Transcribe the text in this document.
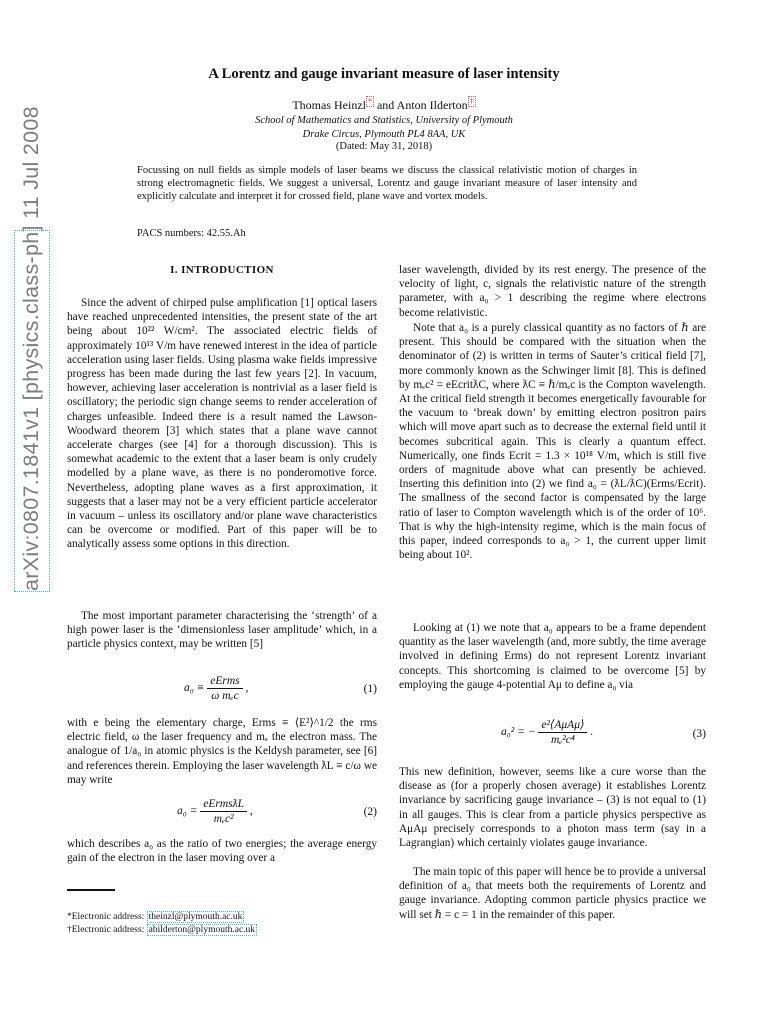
arXiv:0807.1841v1 [physics.class-ph] 11 Jul 2008
A Lorentz and gauge invariant measure of laser intensity
Thomas Heinzl * and Anton Ilderton †
School of Mathematics and Statistics, University of Plymouth
Drake Circus, Plymouth PL4 8AA, UK
(Dated: May 31, 2018)
Focussing on null fields as simple models of laser beams we discuss the classical relativistic motion of charges in strong electromagnetic fields. We suggest a universal, Lorentz and gauge invariant measure of laser intensity and explicitly calculate and interpret it for crossed field, plane wave and vortex models.
PACS numbers: 42.55.Ah
I. INTRODUCTION

Since the advent of chirped pulse amplification [1] optical lasers have reached unprecedented intensities, the present state of the art being about 10²² W/cm². The associated electric fields of approximately 10¹³ V/m have renewed interest in the idea of particle acceleration using laser fields. Using plasma wake fields impressive progress has been made during the last few years [2]. In vacuum, however, achieving laser acceleration is nontrivial as a laser field is oscillatory; the periodic sign change seems to render acceleration of charges unfeasible. Indeed there is a result named the Lawson-Woodward theorem [3] which states that a plane wave cannot accelerate charges (see [4] for a thorough discussion). This is somewhat academic to the extent that a laser beam is only crudely modelled by a plane wave, as there is no ponderomotive force. Nevertheless, adopting plane waves as a first approximation, it suggests that a laser may not be a very efficient particle accelerator in vacuum – unless its oscillatory and/or plane wave characteristics can be overcome or modified. Part of this paper will be to analytically assess some options in this direction.

The most important parameter characterising the ‘strength’ of a high power laser is the ‘dimensionless laser amplitude’ which, in a particle physics context, may be written [5]

$a_0 \equiv \frac{\text{eErms}}{\text{ω mₑc}}$ ,	(1)

with e being the elementary charge, Erms ≡ ⟨E²⟩^1/2 the rms electric field, ω the laser frequency and mₑ the electron mass. The analogue of 1/a₀ in atomic physics is the Keldysh parameter, see [6] and references therein. Employing the laser wavelength ƛL ≡ c/ω we may write

$a_0 = \frac{\text{eErmsƛL}}{\text{mₑc²}}$ ,	(2)

which describes a₀ as the ratio of two energies; the average energy gain of the electron in the laser moving over a

*Electronic address: theinzl@plymouth.ac.uk
†Electronic address: abilderton@plymouth.ac.uk

laser wavelength, divided by its rest energy. The presence of the velocity of light, c, signals the relativistic nature of the strength parameter, with a₀ > 1 describing the regime where electrons become relativistic.

Note that a₀ is a purely classical quantity as no factors of ℏ are present. This should be compared with the situation when the denominator of (2) is written in terms of Sauter’s critical field [7], more commonly known as the Schwinger limit [8]. This is defined by mₑc² = eEcritƛC, where ƛC ≡ ℏ/mₑc is the Compton wavelength. At the critical field strength it becomes energetically favourable for the vacuum to ‘break down’ by emitting electron positron pairs which will move apart such as to decrease the external field until it becomes subcritical again. This is clearly a quantum effect. Numerically, one finds Ecrit = 1.3 × 10¹⁸ V/m, which is still five orders of magnitude above what can presently be achieved. Inserting this definition into (2) we find a₀ = (ƛL/ƛC)(Erms/Ecrit). The smallness of the second factor is compensated by the large ratio of laser to Compton wavelength which is of the order of 10⁶. That is why the high-intensity regime, which is the main focus of this paper, indeed corresponds to a₀ > 1, the current upper limit being about 10².

Looking at (1) we note that a₀ appears to be a frame dependent quantity as the laser wavelength (and, more subtly, the time average involved in defining Erms) do not represent Lorentz invariant concepts. This shortcoming is claimed to be overcome [5] by employing the gauge 4-potential Aμ to define a₀ via

a₀² = − $\frac{\text{e²⟨AμAμ⟩}}{\text{mₑ²c⁴}}$ .	(3)

This new definition, however, seems like a cure worse than the disease as (for a properly chosen average) it establishes Lorentz invariance by sacrificing gauge invariance – (3) is not equal to (1) in all gauges. This is clear from a particle physics perspective as AμAμ precisely corresponds to a photon mass term (say in a Lagrangian) which certainly violates gauge invariance.

The main topic of this paper will hence be to provide a universal definition of a₀ that meets both the requirements of Lorentz and gauge invariance. Adopting common particle physics practice we will set ℏ = c = 1 in the remainder of this paper.
